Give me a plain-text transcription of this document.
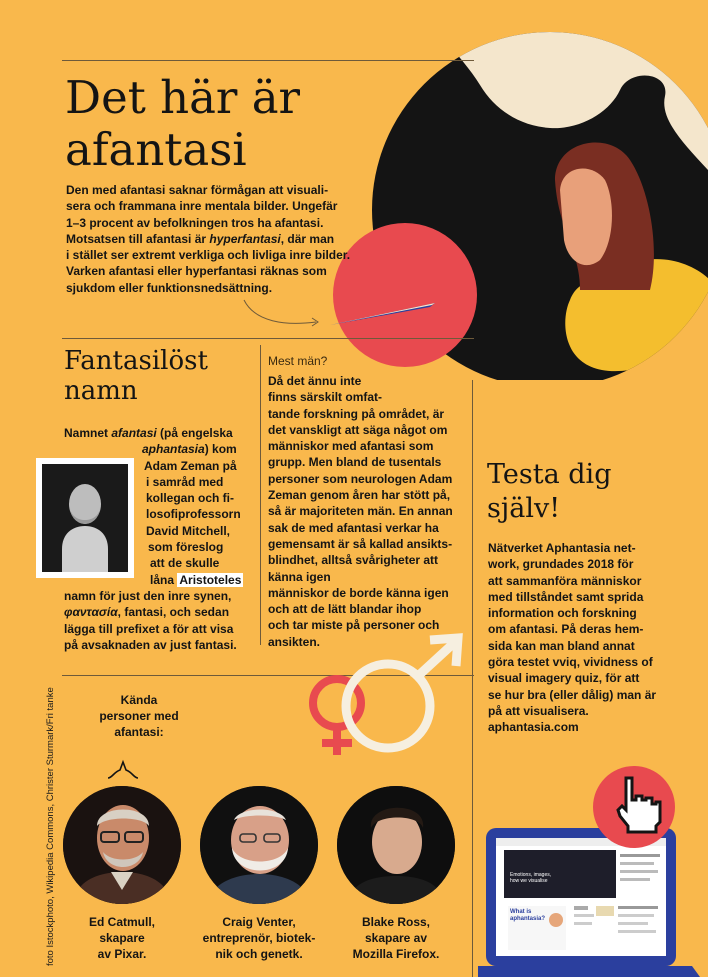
Det här är
afantasi
Den med afantasi saknar förmågan att visuali-
sera och frammana inre mentala bilder. Ungefär
1–3 procent av befolkningen tros ha afantasi.
Motsatsen till afantasi är hyperfantasi, där man
i stället ser extremt verkliga och livliga inre bilder.
Varken afantasi eller hyperfantasi räknas som
sjukdom eller funktionsnedsättning.
Fantasilöst
namn
Namnet afantasi (på engelska
aphantasia) kom
Adam Zeman på
i samråd med
kollegan och fi-
losofiprofessorn
David Mitchell,
som föreslog
att de skulle
låna Aristoteles
namn för just den inre synen,
φαντασία, fantasi, och sedan
lägga till prefixet a för att visa
på avsaknaden av just fantasi.
Mest män?
Då det ännu inte
finns särskilt omfat-
tande forskning på området, är
det vanskligt att säga något om
människor med afantasi som
grupp. Men bland de tusentals
personer som neurologen Adam
Zeman genom åren har stött på,
så är majoriteten män. En annan
sak de med afantasi verkar ha
gemensamt är så kallad ansikts-
blindhet, alltså svårigheter att
känna igen
människor de borde känna igen
och att de lätt blandar ihop
och tar miste på personer och
ansikten.
Testa dig
själv!
Nätverket Aphantasia net-
work, grundades 2018 för
att sammanföra människor
med tillståndet samt sprida
information och forskning
om afantasi. På deras hem-
sida kan man bland annat
göra testet vviq, vividness of
visual imagery quiz, för att
se hur bra (eller dålig) man är
på att visualisera.
aphantasia.com
Emotions, images,
how we visualise
What is
aphantasia?
Kända
personer med
afantasi:
Ed Catmull,
skapare
av Pixar.
Craig Venter,
entreprenör, biotek-
nik och genetk.
Blake Ross,
skapare av
Mozilla Firefox.
foto Istockphoto, Wikipedia Commons, Christer Sturmark/Fri tanke
